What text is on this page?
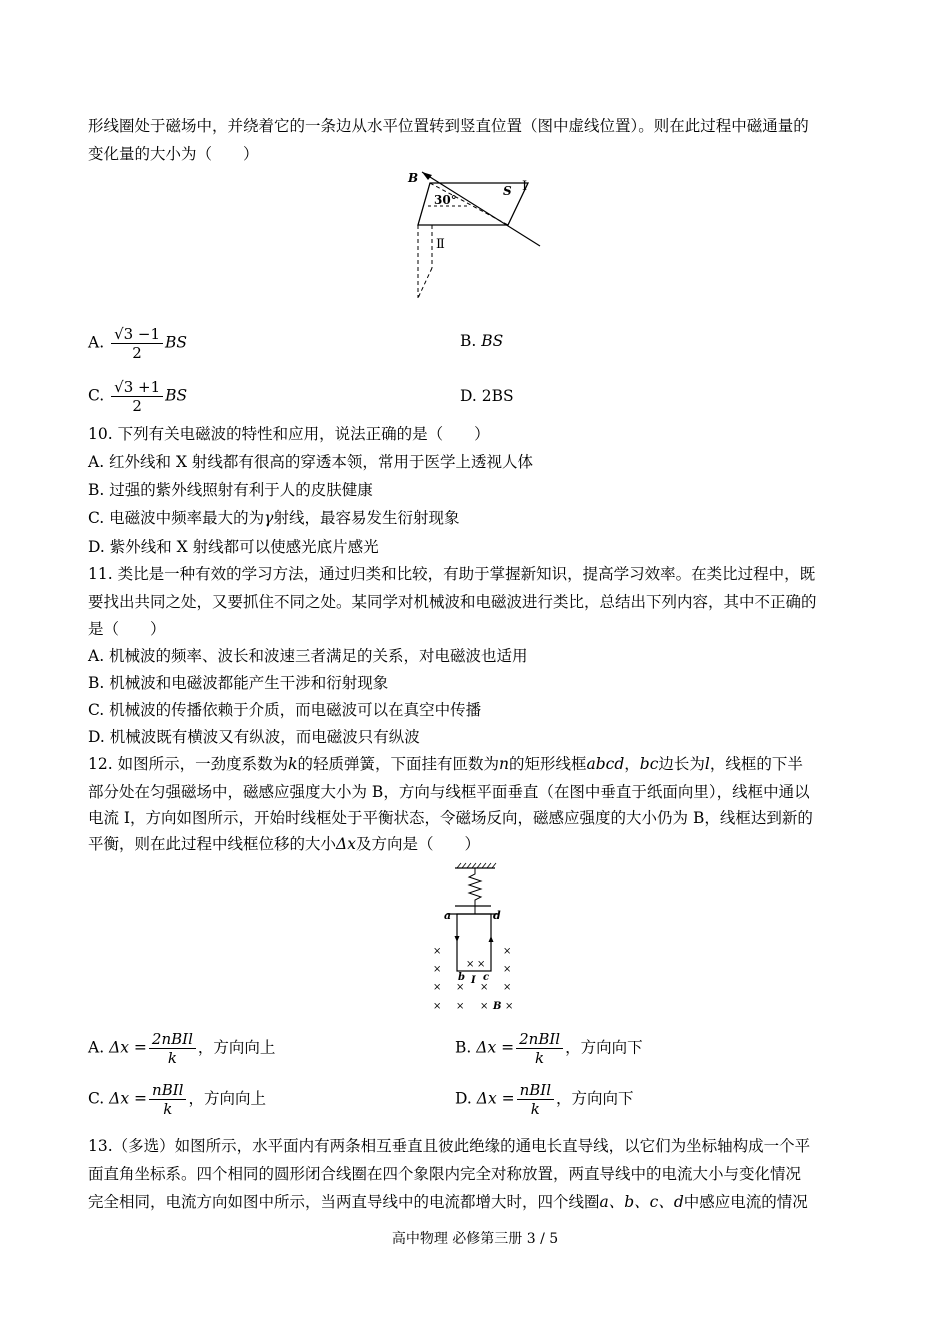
形线圈处于磁场中，并绕着它的一条边从水平位置转到竖直位置（图中虚线位置）。则在此过程中磁通量的
变化量的大小为（　　）
B
S I
30°
Ⅱ
A. $\frac{√3 -1}{2}$ BS	B. BS
C. $\frac{√3 +1}{2}$ BS	D. 2BS
10. 下列有关电磁波的特性和应用，说法正确的是（　　）
A. 红外线和 X 射线都有很高的穿透本领，常用于医学上透视人体
B. 过强的紫外线照射有利于人的皮肤健康
C. 电磁波中频率最大的为γ射线，最容易发生衍射现象
D. 紫外线和 X 射线都可以使感光底片感光
11. 类比是一种有效的学习方法，通过归类和比较，有助于掌握新知识，提高学习效率。在类比过程中，既
要找出共同之处，又要抓住不同之处。某同学对机械波和电磁波进行类比，总结出下列内容，其中不正确的
是（　　）
A. 机械波的频率、波长和波速三者满足的关系，对电磁波也适用
B. 机械波和电磁波都能产生干涉和衍射现象
C. 机械波的传播依赖于介质，而电磁波可以在真空中传播
D. 机械波既有横波又有纵波，而电磁波只有纵波
12. 如图所示，一劲度系数为k的轻质弹簧，下面挂有匝数为n的矩形线框abcd，bc边长为l，线框的下半
部分处在匀强磁场中，磁感应强度大小为 B，方向与线框平面垂直（在图中垂直于纸面向里），线框中通以
电流 I，方向如图所示，开始时线框处于平衡状态，令磁场反向，磁感应强度的大小仍为 B，线框达到新的
平衡，则在此过程中线框位移的大小Δx及方向是（　　）
a	d
b c
I
B
×	×
× × × ×
× × × ×
× × × ×
A. $\Delta x = \frac{\text{2nBIl}}{k}$ ，方向向上	B. $\Delta x = \frac{\text{2nBIl}}{k}$ ，方向向下
C. $\Delta x = \frac{\text{nBIl}}{k}$ ，方向向上	D. $\Delta x = \frac{\text{nBIl}}{k}$ ，方向向下
13.（多选）如图所示，水平面内有两条相互垂直且彼此绝缘的通电长直导线，以它们为坐标轴构成一个平
面直角坐标系。四个相同的圆形闭合线圈在四个象限内完全对称放置，两直导线中的电流大小与变化情况
完全相同，电流方向如图中所示，当两直导线中的电流都增大时，四个线圈a、b、c、d中感应电流的情况
高中物理 必修第三册 3 / 5
